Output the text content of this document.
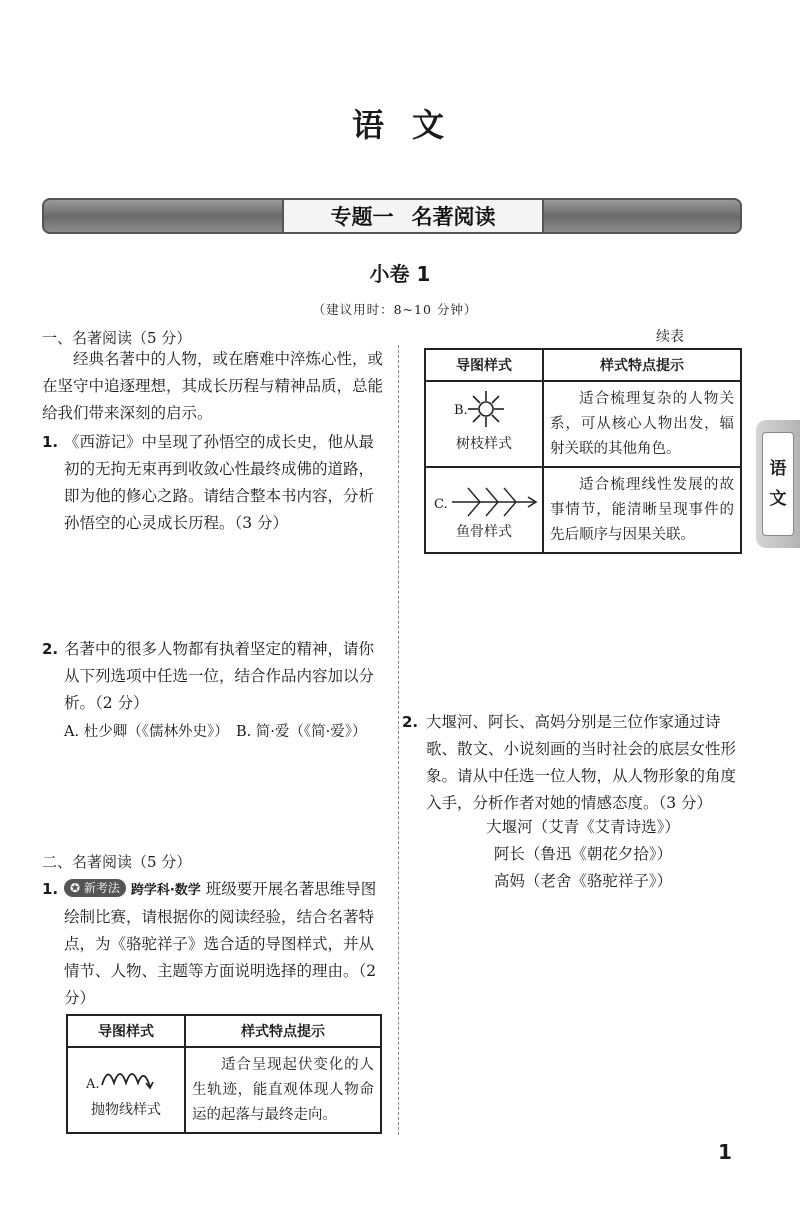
语文
专题一 名著阅读
小卷 1
（建议用时：8~10 分钟）
一、名著阅读（5 分）
经典名著中的人物，或在磨难中淬炼心性，或在坚守中追逐理想，其成长历程与精神品质，总能给我们带来深刻的启示。
1. 《西游记》中呈现了孙悟空的成长史，他从最初的无拘无束再到收敛心性最终成佛的道路，即为他的修心之路。请结合整本书内容，分析孙悟空的心灵成长历程。（3 分）
2. 名著中的很多人物都有执着坚定的精神，请你从下列选项中任选一位，结合作品内容加以分析。（2 分）
A. 杜少卿（《儒林外史》）　B. 简·爱（《简·爱》）
二、名著阅读（5 分）
1. ✪ 新考法 跨学科·数学 班级要开展名著思维导图绘制比赛，请根据你的阅读经验，结合名著特点，为《骆驼祥子》选合适的导图样式，并从情节、人物、主题等方面说明选择的理由。（2 分）
导图样式	样式特点提示

A.
抛物线样式	适合呈现起伏变化的人生轨迹，能直观体现人物命运的起落与最终走向。
续表
导图样式	样式特点提示

B.
树枝样式	适合梳理复杂的人物关系，可从核心人物出发，辐射关联的其他角色。

C.
鱼骨样式	适合梳理线性发展的故事情节，能清晰呈现事件的先后顺序与因果关联。
2. 大堰河、阿长、高妈分别是三位作家通过诗歌、散文、小说刻画的当时社会的底层女性形象。请从中任选一位人物，从人物形象的角度入手，分析作者对她的情感态度。（3 分）
大堰河（艾青《艾青诗选》）
阿长（鲁迅《朝花夕拾》）
高妈（老舍《骆驼祥子》）
语
文
1
